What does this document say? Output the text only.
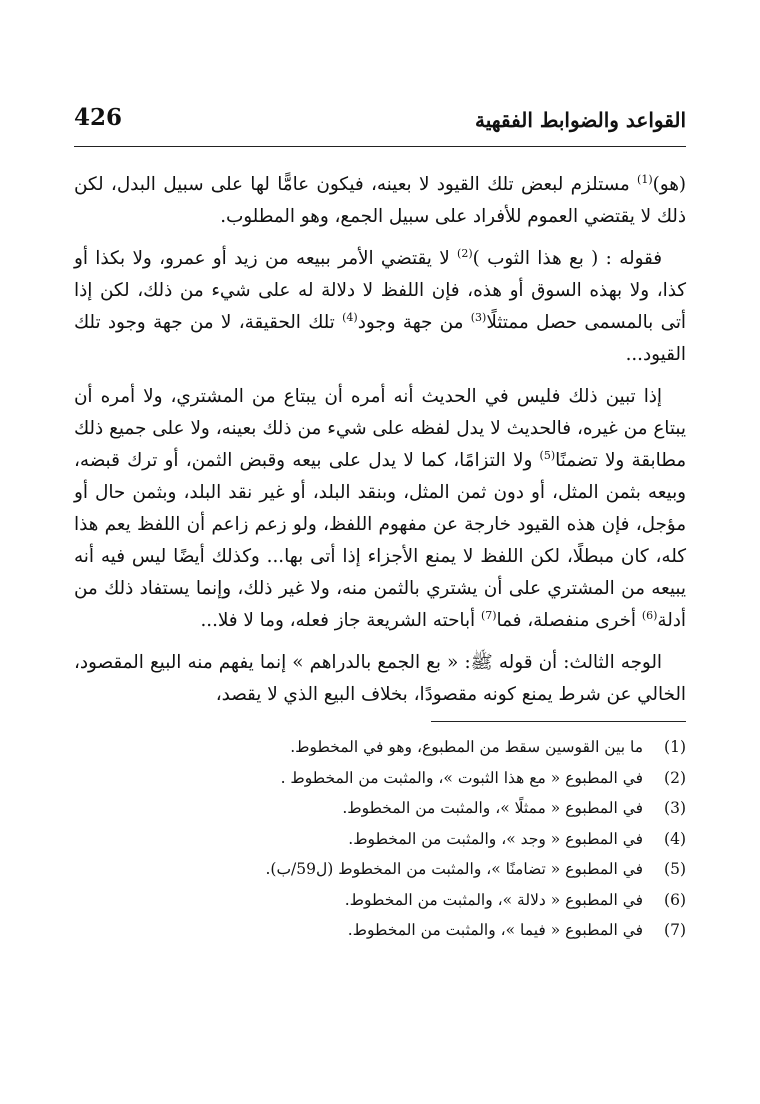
القواعد والضوابط الفقهية
426

(هو)$^{(1)}$ مستلزم لبعض تلك القيود لا بعينه، فيكون عامًّا لها على سبيل البدل، لكن ذلك لا يقتضي العموم للأفراد على سبيل الجمع، وهو المطلوب.

فقوله : ( بع هذا الثوب )$^{(2)}$ لا يقتضي الأمر ببيعه من زيد أو عمرو، ولا بكذا أو كذا، ولا بهذه السوق أو هذه، فإن اللفظ لا دلالة له على شيء من ذلك، لكن إذا أتى بالمسمى حصل ممتثلًا$^{(3)}$ من جهة وجود$^{(4)}$ تلك الحقيقة، لا من جهة وجود تلك القيود...

إذا تبين ذلك فليس في الحديث أنه أمره أن يبتاع من المشتري، ولا أمره أن يبتاع من غيره، فالحديث لا يدل لفظه على شيء من ذلك بعينه، ولا على جميع ذلك مطابقة ولا تضمنًا$^{(5)}$ ولا التزامًا، كما لا يدل على بيعه وقبض الثمن، أو ترك قبضه، وبيعه بثمن المثل، أو دون ثمن المثل، وبنقد البلد، أو غير نقد البلد، وبثمن حال أو مؤجل، فإن هذه القيود خارجة عن مفهوم اللفظ، ولو زعم زاعم أن اللفظ يعم هذا كله، كان مبطلًا، لكن اللفظ لا يمنع الأجزاء إذا أتى بها... وكذلك أيضًا ليس فيه أنه يبيعه من المشتري على أن يشتري بالثمن منه، ولا غير ذلك، وإنما يستفاد ذلك من أدلة$^{(6)}$ أخرى منفصلة، فما$^{(7)}$ أباحته الشريعة جاز فعله، وما لا فلا...

الوجه الثالث: أن قوله ﷺ: « بع الجمع بالدراهم » إنما يفهم منه البيع المقصود، الخالي عن شرط يمنع كونه مقصودًا، بخلاف البيع الذي لا يقصد،

(1) ما بين القوسين سقط من المطبوع، وهو في المخطوط.
(2) في المطبوع « مع هذا الثبوت »، والمثبت من المخطوط .
(3) في المطبوع « ممثلًا »، والمثبت من المخطوط.
(4) في المطبوع « وجد »، والمثبت من المخطوط.
(5) في المطبوع « تضامنًا »، والمثبت من المخطوط (ل59/ب).
(6) في المطبوع « دلالة »، والمثبت من المخطوط.
(7) في المطبوع « فيما »، والمثبت من المخطوط.
